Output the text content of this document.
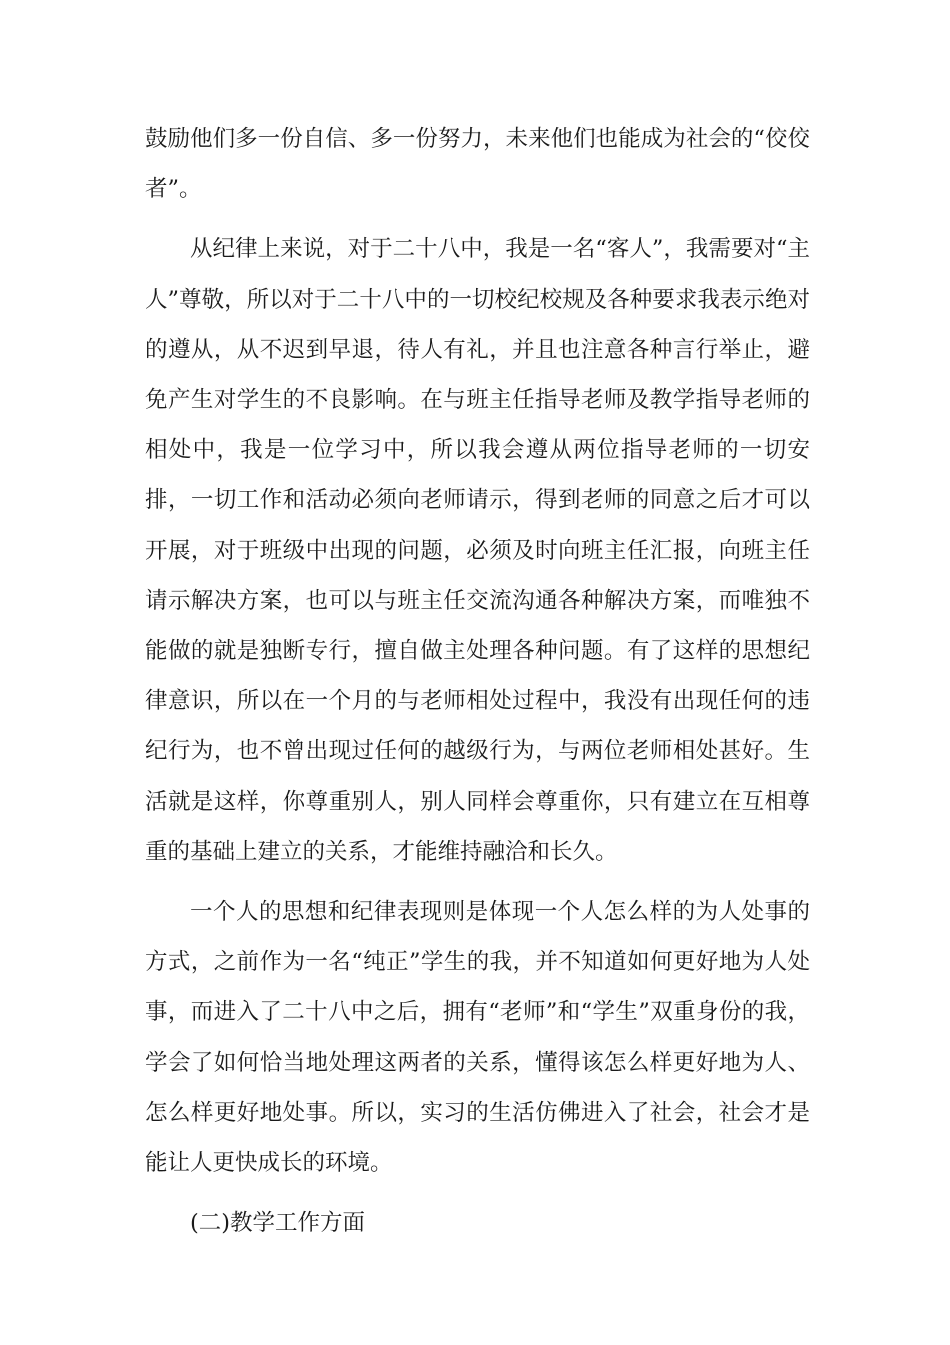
鼓励他们多一份自信、多一份努力，未来他们也能成为社会的“佼佼者”。

从纪律上来说，对于二十八中，我是一名“客人”，我需要对“主人”尊敬，所以对于二十八中的一切校纪校规及各种要求我表示绝对的遵从，从不迟到早退，待人有礼，并且也注意各种言行举止，避免产生对学生的不良影响。在与班主任指导老师及教学指导老师的相处中，我是一位学习中，所以我会遵从两位指导老师的一切安排，一切工作和活动必须向老师请示，得到老师的同意之后才可以开展，对于班级中出现的问题，必须及时向班主任汇报，向班主任请示解决方案，也可以与班主任交流沟通各种解决方案，而唯独不能做的就是独断专行，擅自做主处理各种问题。有了这样的思想纪律意识，所以在一个月的与老师相处过程中，我没有出现任何的违纪行为，也不曾出现过任何的越级行为，与两位老师相处甚好。生活就是这样，你尊重别人，别人同样会尊重你，只有建立在互相尊重的基础上建立的关系，才能维持融洽和长久。

一个人的思想和纪律表现则是体现一个人怎么样的为人处事的方式，之前作为一名“纯正”学生的我，并不知道如何更好地为人处事，而进入了二十八中之后，拥有“老师”和“学生”双重身份的我，学会了如何恰当地处理这两者的关系，懂得该怎么样更好地为人、怎么样更好地处事。所以，实习的生活仿佛进入了社会，社会才是能让人更快成长的环境。

(二)教学工作方面
